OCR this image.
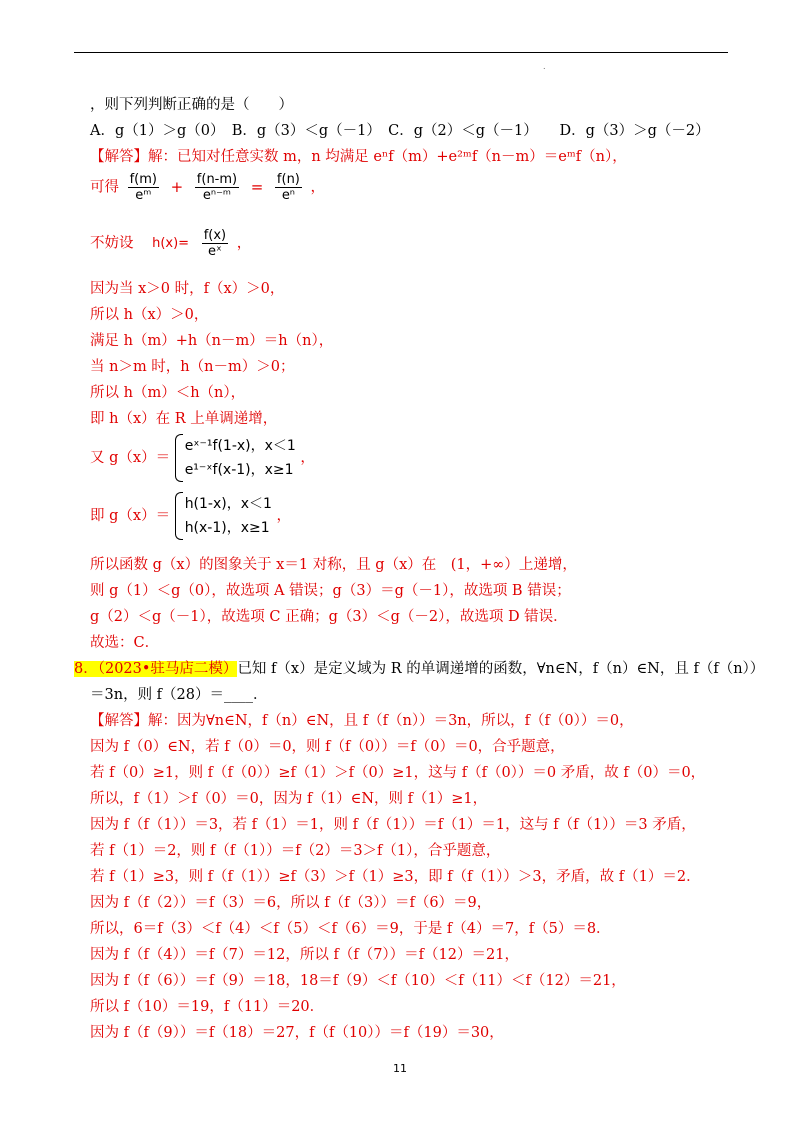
.
，则下列判断正确的是（　　）
A．g（1）＞g（0）　B．g（3）＜g（－1）　C．g（2）＜g（－1）　　D．g（3）＞g（－2）
【解答】解：已知对任意实数 m，n 均满足 eⁿf（m）+e²ᵐf（n－m）＝eᵐf（n），
可得 $\frac{f(m)}{\text{eᵐ}} + \frac{f(n-m)}{\text{eⁿ⁻ᵐ}} = \frac{f(n)}{\text{eⁿ}}$ ，
不妨设 $h(x)= \frac{f(x)}{\text{eˣ}}$ ，
因为当 x＞0 时，f（x）＞0，
所以 h（x）＞0，
满足 h（m）+h（n－m）＝h（n），
当 n＞m 时，h（n－m）＞0；
所以 h（m）＜h（n），
即 h（x）在 R 上单调递增，
又 g（x）＝
eˣ⁻¹f(1-x)，x＜1
e¹⁻ˣf(x-1)，x≥1
，
即 g（x）＝
h(1-x)，x＜1
h(x-1)，x≥1
，
所以函数 g（x）的图象关于 x＝1 对称，且 g（x）在　(1，+∞）上递增，
则 g（1）＜g（0），故选项 A 错误；g（3）＝g（－1），故选项 B 错误；
g（2）＜g（－1），故选项 C 正确；g（3）＜g（－2），故选项 D 错误．
故选：C．
8．（2023•驻马店二模）已知 f（x）是定义域为 R 的单调递增的函数，∀n∈N，f（n）∈N，且 f（f（n））
＝3n，则 f（28）＝____．
【解答】解：因为∀n∈N，f（n）∈N，且 f（f（n））＝3n，所以，f（f（0））＝0，
因为 f（0）∈N，若 f（0）＝0，则 f（f（0））＝f（0）＝0，合乎题意，
若 f（0）≥1，则 f（f（0））≥f（1）＞f（0）≥1，这与 f（f（0））＝0 矛盾，故 f（0）＝0，
所以，f（1）＞f（0）＝0，因为 f（1）∈N，则 f（1）≥1，
因为 f（f（1））＝3，若 f（1）＝1，则 f（f（1））＝f（1）＝1，这与 f（f（1））＝3 矛盾，
若 f（1）＝2，则 f（f（1））＝f（2）＝3＞f（1），合乎题意，
若 f（1）≥3，则 f（f（1））≥f（3）＞f（1）≥3，即 f（f（1））＞3，矛盾，故 f（1）＝2．
因为 f（f（2））＝f（3）＝6，所以 f（f（3））＝f（6）＝9，
所以，6＝f（3）＜f（4）＜f（5）＜f（6）＝9，于是 f（4）＝7，f（5）＝8．
因为 f（f（4））＝f（7）＝12，所以 f（f（7））＝f（12）＝21，
因为 f（f（6））＝f（9）＝18，18＝f（9）＜f（10）＜f（11）＜f（12）＝21，
所以 f（10）＝19，f（11）＝20．
因为 f（f（9））＝f（18）＝27，f（f（10））＝f（19）＝30，
11
